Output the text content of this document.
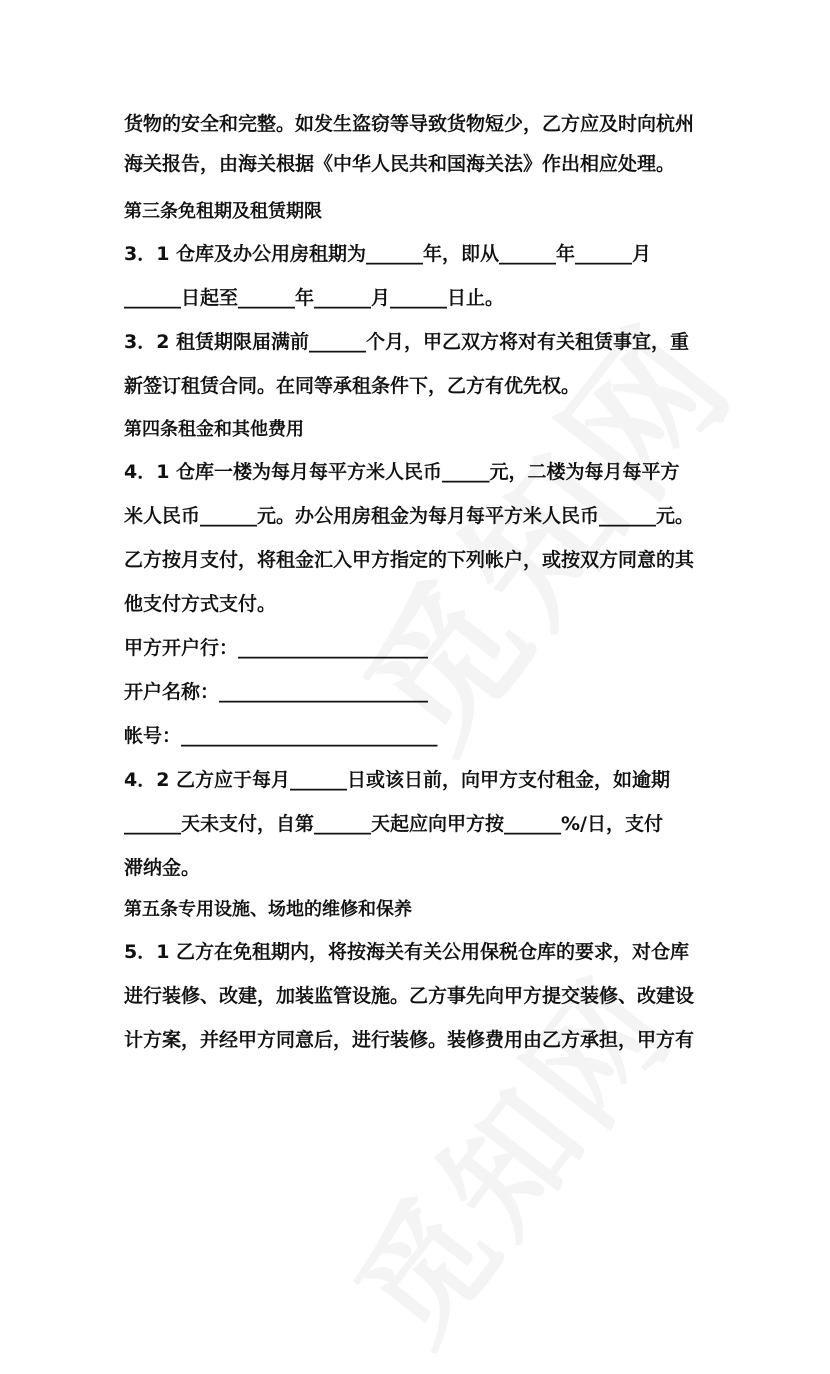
货物的安全和完整。如发生盗窃等导致货物短少，乙方应及时向杭州
海关报告，由海关根据《中华人民共和国海关法》作出相应处理。
第三条免租期及租赁期限
3．1 仓库及办公用房租期为______年，即从______年______月
______日起至______年______月______日止。
3．2 租赁期限届满前______个月，甲乙双方将对有关租赁事宜，重
新签订租赁合同。在同等承租条件下，乙方有优先权。
第四条租金和其他费用
4．1 仓库一楼为每月每平方米人民币_____元，二楼为每月每平方
米人民币______元。办公用房租金为每月每平方米人民币______元。
乙方按月支付，将租金汇入甲方指定的下列帐户，或按双方同意的其
他支付方式支付。
甲方开户行：____________________
开户名称：______________________
帐号：___________________________
4．2 乙方应于每月______日或该日前，向甲方支付租金，如逾期
______天未支付，自第______天起应向甲方按______%/日，支付
滞纳金。
第五条专用设施、场地的维修和保养
5．1 乙方在免租期内，将按海关有关公用保税仓库的要求，对仓库
进行装修、改建，加装监管设施。乙方事先向甲方提交装修、改建设
计方案，并经甲方同意后，进行装修。装修费用由乙方承担，甲方有
